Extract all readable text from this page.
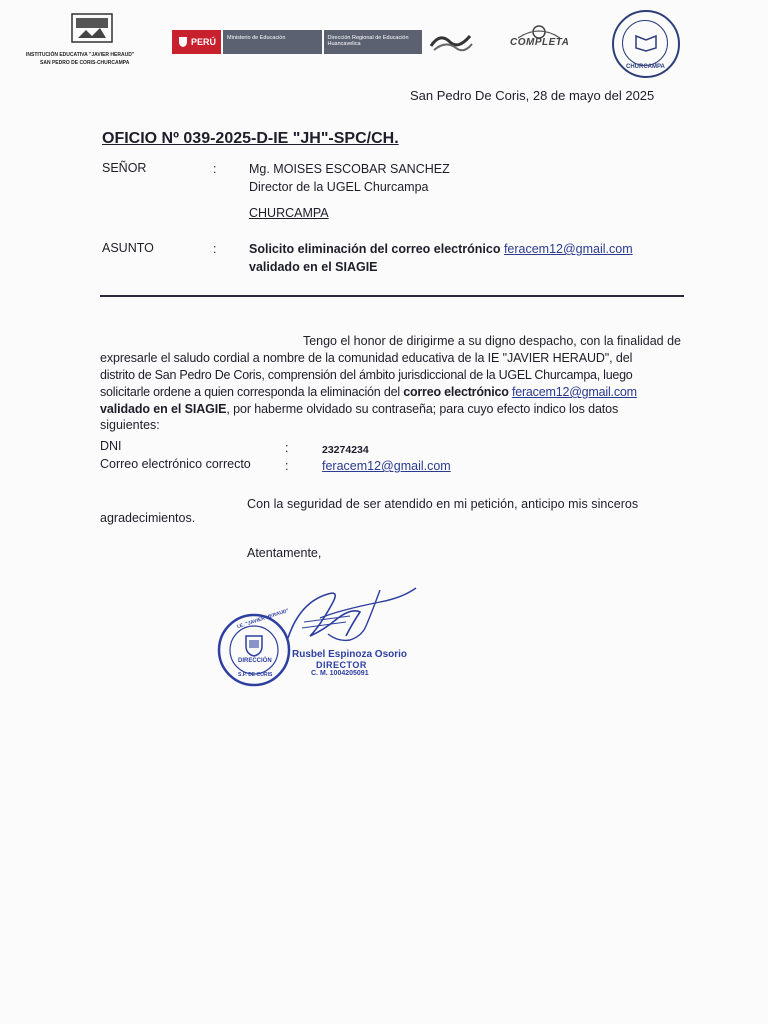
INSTITUCIÓN EDUCATIVA "JAVIER HERAUD"
SAN PEDRO DE CORIS-CHURCAMPA
PERÚ	Ministerio de Educación	Dirección Regional de Educación Huancavelica	COMPLETA
CHURCAMPA
San Pedro De Coris, 28 de mayo del 2025
OFICIO Nº 039-2025-D-IE "JH"-SPC/CH.
SEÑOR	:	Mg. MOISES ESCOBAR SANCHEZ
Director de la UGEL Churcampa
CHURCAMPA
ASUNTO	:	Solicito eliminación del correo electrónico feracem12@gmail.com
validado en el SIAGIE
Tengo el honor de dirigirme a su digno despacho, con la finalidad de
expresarle el saludo cordial a nombre de la comunidad educativa de la IE "JAVIER HERAUD", del
distrito de San Pedro De Coris, comprensión del ámbito jurisdiccional de la UGEL Churcampa, luego
solicitarle ordene a quien corresponda la eliminación del correo electrónico feracem12@gmail.com
validado en el SIAGIE, por haberme olvidado su contraseña; para cuyo efecto indico los datos
siguientes:
DNI	:	23274234
Correo electrónico correcto	:	feracem12@gmail.com
Con la seguridad de ser atendido en mi petición, anticipo mis sinceros
agradecimientos.
Atentamente,
I.E. "JAVIER HERAUD"
DIRECCIÓN
S.P. DE CORIS
Rusbel Espinoza Osorio
DIRECTOR
C. M. 1004205091
